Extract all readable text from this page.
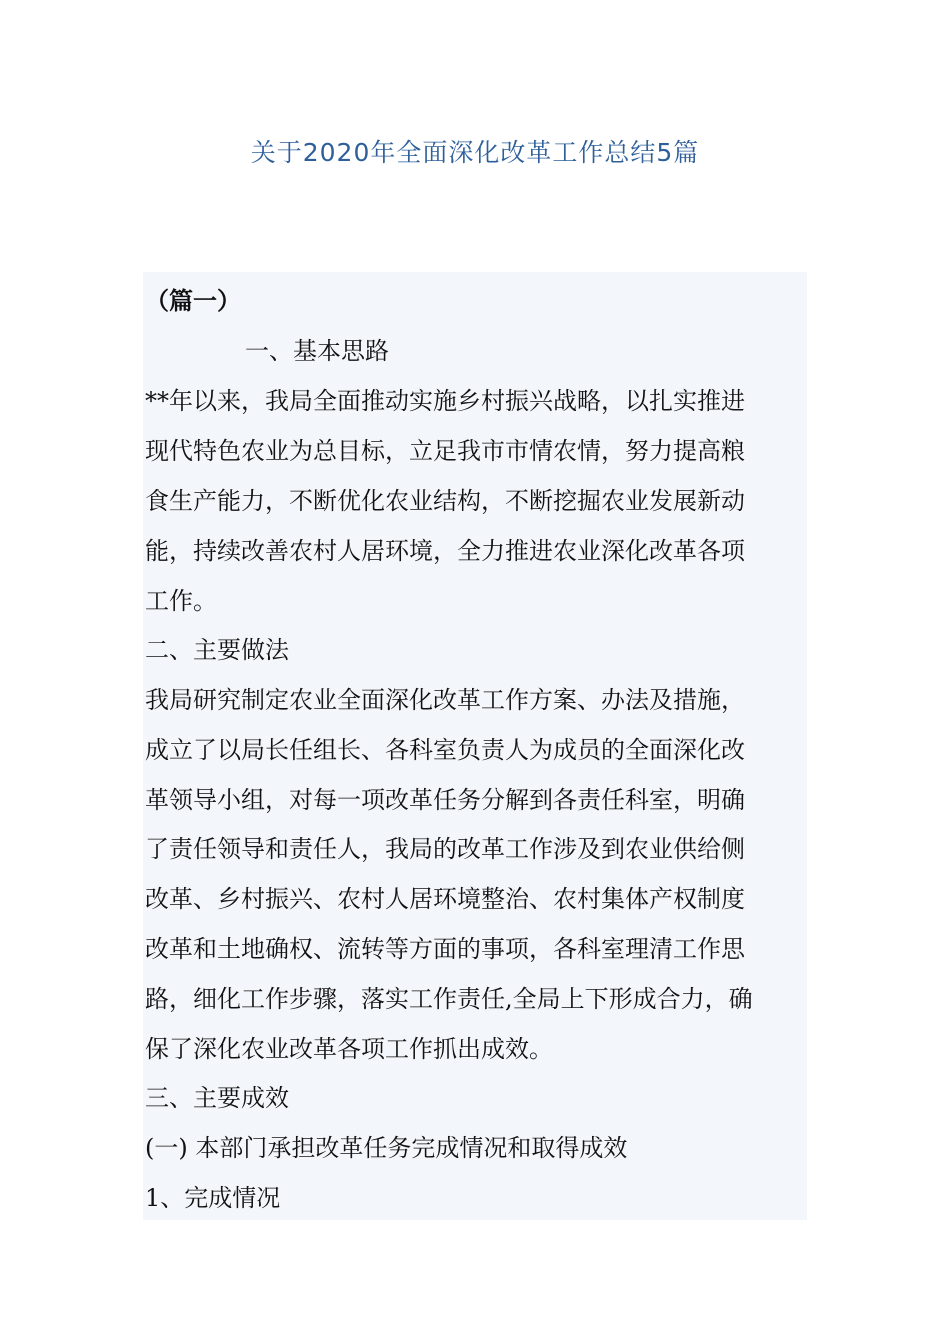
关于2020年全面深化改革工作总结5篇
（篇一）
一、基本思路
**年以来，我局全面推动实施乡村振兴战略，以扎实推进
现代特色农业为总目标，立足我市市情农情，努力提高粮
食生产能力，不断优化农业结构，不断挖掘农业发展新动
能，持续改善农村人居环境，全力推进农业深化改革各项
工作。
二、主要做法
我局研究制定农业全面深化改革工作方案、办法及措施，
成立了以局长任组长、各科室负责人为成员的全面深化改
革领导小组，对每一项改革任务分解到各责任科室，明确
了责任领导和责任人，我局的改革工作涉及到农业供给侧
改革、乡村振兴、农村人居环境整治、农村集体产权制度
改革和土地确权、流转等方面的事项，各科室理清工作思
路，细化工作步骤，落实工作责任,全局上下形成合力，确
保了深化农业改革各项工作抓出成效。
三、主要成效
(一) 本部门承担改革任务完成情况和取得成效
1、完成情况
